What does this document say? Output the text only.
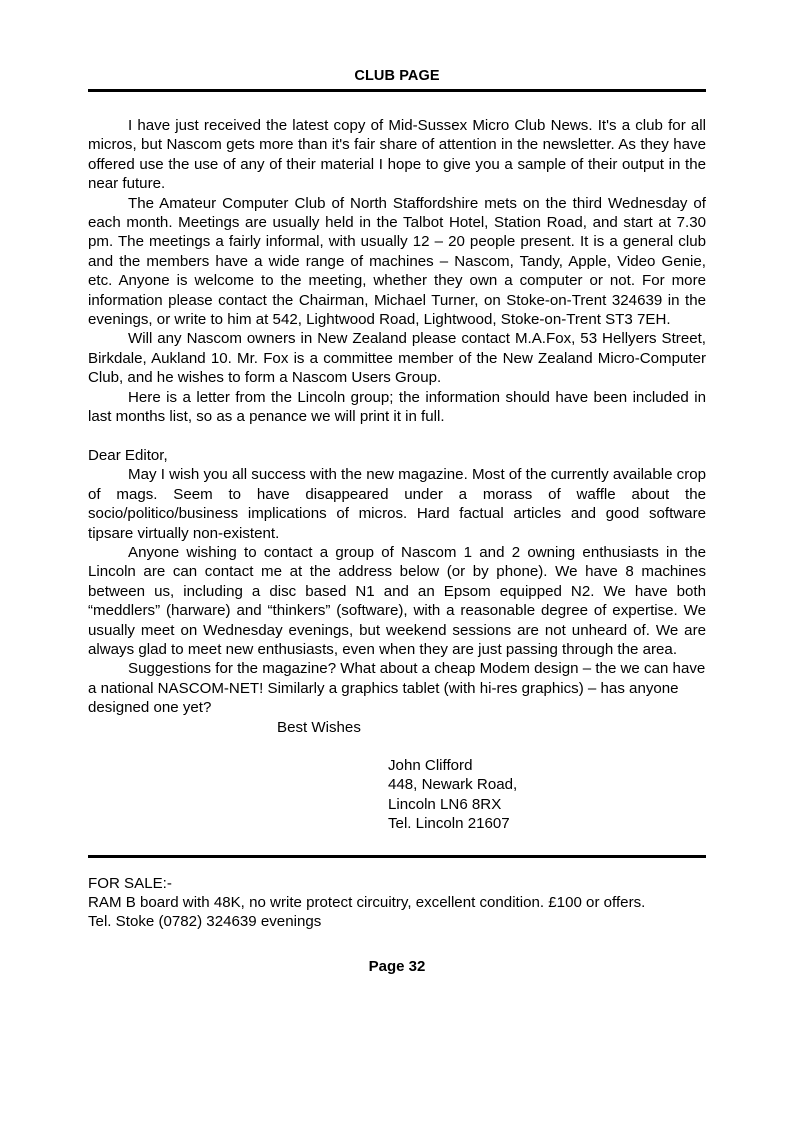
CLUB PAGE

I have just received the latest copy of Mid-Sussex Micro Club News. It's a club for all micros, but Nascom gets more than it's fair share of attention in the newsletter. As they have offered use the use of any of their material I hope to give you a sample of their output in the near future.

The Amateur Computer Club of North Staffordshire mets on the third Wednesday of each month. Meetings are usually held in the Talbot Hotel, Station Road, and start at 7.30 pm. The meetings a fairly informal, with usually 12 – 20 people present. It is a general club and the members have a wide range of machines – Nascom, Tandy, Apple, Video Genie, etc. Anyone is welcome to the meeting, whether they own a computer or not. For more information please contact the Chairman, Michael Turner, on Stoke-on-Trent 324639 in the evenings, or write to him at 542, Lightwood Road, Lightwood, Stoke-on-Trent ST3 7EH.

Will any Nascom owners in New Zealand please contact M.A.Fox, 53 Hellyers Street, Birkdale, Aukland 10. Mr. Fox is a committee member of the New Zealand Micro-Computer Club, and he wishes to form a Nascom Users Group.

Here is a letter from the Lincoln group; the information should have been included in last months list, so as a penance we will print it in full.

Dear Editor,

May I wish you all success with the new magazine. Most of the currently available crop of mags. Seem to have disappeared under a morass of waffle about the socio/politico/business implications of micros. Hard factual articles and good software tipsare virtually non-existent.

Anyone wishing to contact a group of Nascom 1 and 2 owning enthusiasts in the Lincoln are can contact me at the address below (or by phone). We have 8 machines between us, including a disc based N1 and an Epsom equipped N2. We have both “meddlers” (harware) and “thinkers” (software), with a reasonable degree of expertise. We usually meet on Wednesday evenings, but weekend sessions are not unheard of. We are always glad to meet new enthusiasts, even when they are just passing through the area.

Suggestions for the magazine? What about a cheap Modem design – the we can have a national NASCOM-NET! Similarly a graphics tablet (with hi-res graphics) – has anyone designed one yet?

Best Wishes

John Clifford
448, Newark Road,
Lincoln LN6 8RX
Tel. Lincoln 21607
FOR SALE:-
RAM B board with 48K, no write protect circuitry, excellent condition. £100 or offers.
Tel. Stoke (0782) 324639 evenings
Page 32
